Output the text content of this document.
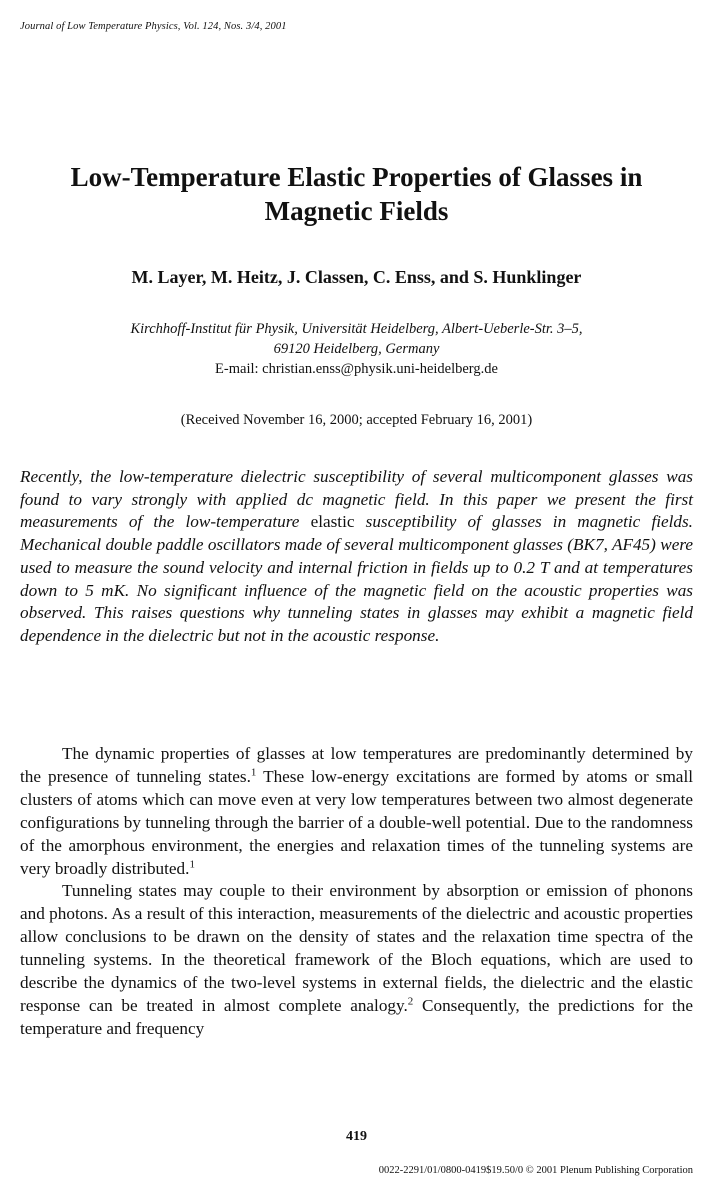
Journal of Low Temperature Physics, Vol. 124, Nos. 3/4, 2001
Low-Temperature Elastic Properties of Glasses in
Magnetic Fields
M. Layer, M. Heitz, J. Classen, C. Enss, and S. Hunklinger
Kirchhoff-Institut für Physik, Universität Heidelberg, Albert-Ueberle-Str. 3–5,
69120 Heidelberg, Germany
E-mail: christian.enss@physik.uni-heidelberg.de
(Received November 16, 2000; accepted February 16, 2001)
Recently, the low-temperature dielectric susceptibility of several multicomponent glasses was found to vary strongly with applied dc magnetic field. In this paper we present the first measurements of the low-temperature elastic susceptibility of glasses in magnetic fields. Mechanical double paddle oscillators made of several multicomponent glasses (BK7, AF45) were used to measure the sound velocity and internal friction in fields up to 0.2 T and at temperatures down to 5 mK. No significant influence of the magnetic field on the acoustic properties was observed. This raises questions why tunneling states in glasses may exhibit a magnetic field dependence in the dielectric but not in the acoustic response.

The dynamic properties of glasses at low temperatures are predominantly determined by the presence of tunneling states.$^1$ These low-energy excitations are formed by atoms or small clusters of atoms which can move even at very low temperatures between two almost degenerate configurations by tunneling through the barrier of a double-well potential. Due to the randomness of the amorphous environment, the energies and relaxation times of the tunneling systems are very broadly distributed.$^1$

Tunneling states may couple to their environment by absorption or emission of phonons and photons. As a result of this interaction, measurements of the dielectric and acoustic properties allow conclusions to be drawn on the density of states and the relaxation time spectra of the tunneling systems. In the theoretical framework of the Bloch equations, which are used to describe the dynamics of the two-level systems in external fields, the dielectric and the elastic response can be treated in almost complete analogy.$^2$ Consequently, the predictions for the temperature and frequency

419
0022-2291/01/0800-0419$19.50/0 © 2001 Plenum Publishing Corporation
